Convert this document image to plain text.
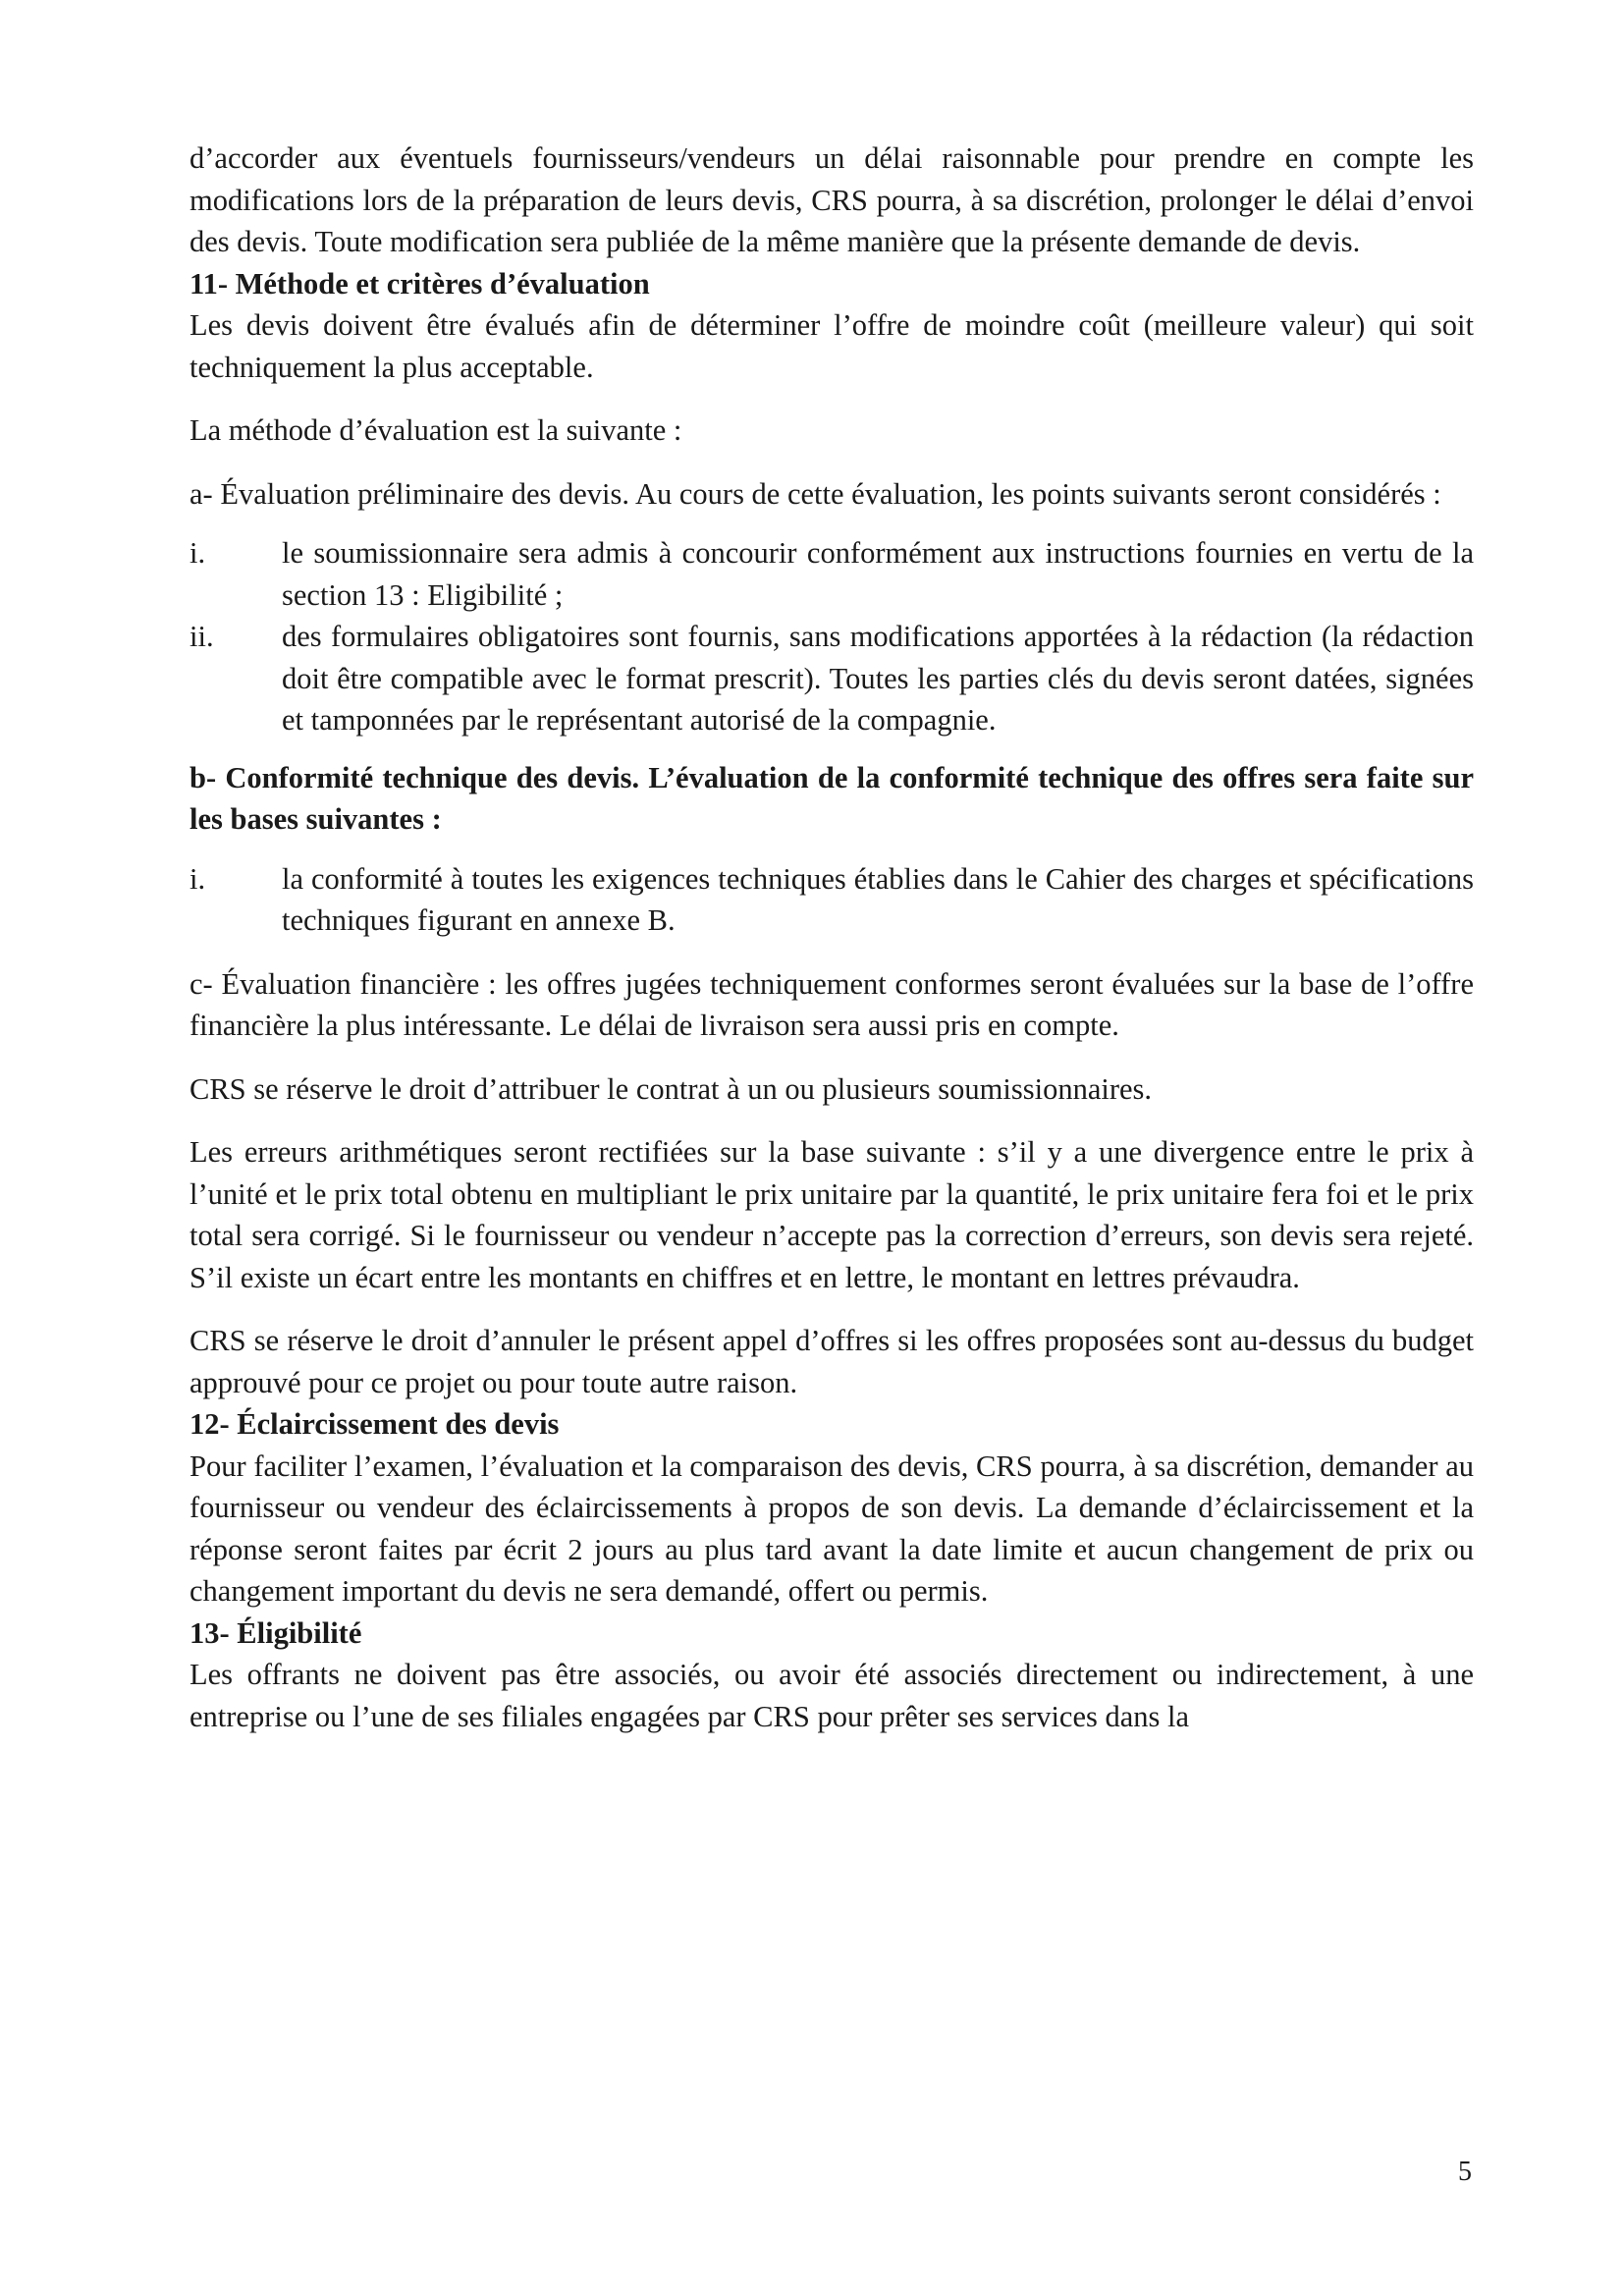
d’accorder aux éventuels fournisseurs/vendeurs un délai raisonnable pour prendre en compte les modifications lors de la préparation de leurs devis, CRS pourra, à sa discrétion, prolonger le délai d’envoi des devis. Toute modification sera publiée de la même manière que la présente demande de devis.

11- Méthode et critères d’évaluation

Les devis doivent être évalués afin de déterminer l’offre de moindre coût (meilleure valeur) qui soit techniquement la plus acceptable.

La méthode d’évaluation est la suivante :

a- Évaluation préliminaire des devis. Au cours de cette évaluation, les points suivants seront considérés :

i.	le soumissionnaire sera admis à concourir conformément aux instructions fournies en vertu de la section 13 : Eligibilité ;
ii.	des formulaires obligatoires sont fournis, sans modifications apportées à la rédaction (la rédaction doit être compatible avec le format prescrit). Toutes les parties clés du devis seront datées, signées et tamponnées par le représentant autorisé de la compagnie.

b- Conformité technique des devis. L’évaluation de la conformité technique des offres sera faite sur les bases suivantes :

i.	la conformité à toutes les exigences techniques établies dans le Cahier des charges et spécifications techniques figurant en annexe B.

c- Évaluation financière : les offres jugées techniquement conformes seront évaluées sur la base de l’offre financière la plus intéressante. Le délai de livraison sera aussi pris en compte.

CRS se réserve le droit d’attribuer le contrat à un ou plusieurs soumissionnaires.

Les erreurs arithmétiques seront rectifiées sur la base suivante : s’il y a une divergence entre le prix à l’unité et le prix total obtenu en multipliant le prix unitaire par la quantité, le prix unitaire fera foi et le prix total sera corrigé. Si le fournisseur ou vendeur n’accepte pas la correction d’erreurs, son devis sera rejeté. S’il existe un écart entre les montants en chiffres et en lettre, le montant en lettres prévaudra.

CRS se réserve le droit d’annuler le présent appel d’offres si les offres proposées sont au-dessus du budget approuvé pour ce projet ou pour toute autre raison.

12- Éclaircissement des devis

Pour faciliter l’examen, l’évaluation et la comparaison des devis, CRS pourra, à sa discrétion, demander au fournisseur ou vendeur des éclaircissements à propos de son devis. La demande d’éclaircissement et la réponse seront faites par écrit 2 jours au plus tard avant la date limite et aucun changement de prix ou changement important du devis ne sera demandé, offert ou permis.

13- Éligibilité

Les offrants ne doivent pas être associés, ou avoir été associés directement ou indirectement, à une entreprise ou l’une de ses filiales engagées par CRS pour prêter ses services dans la

5
